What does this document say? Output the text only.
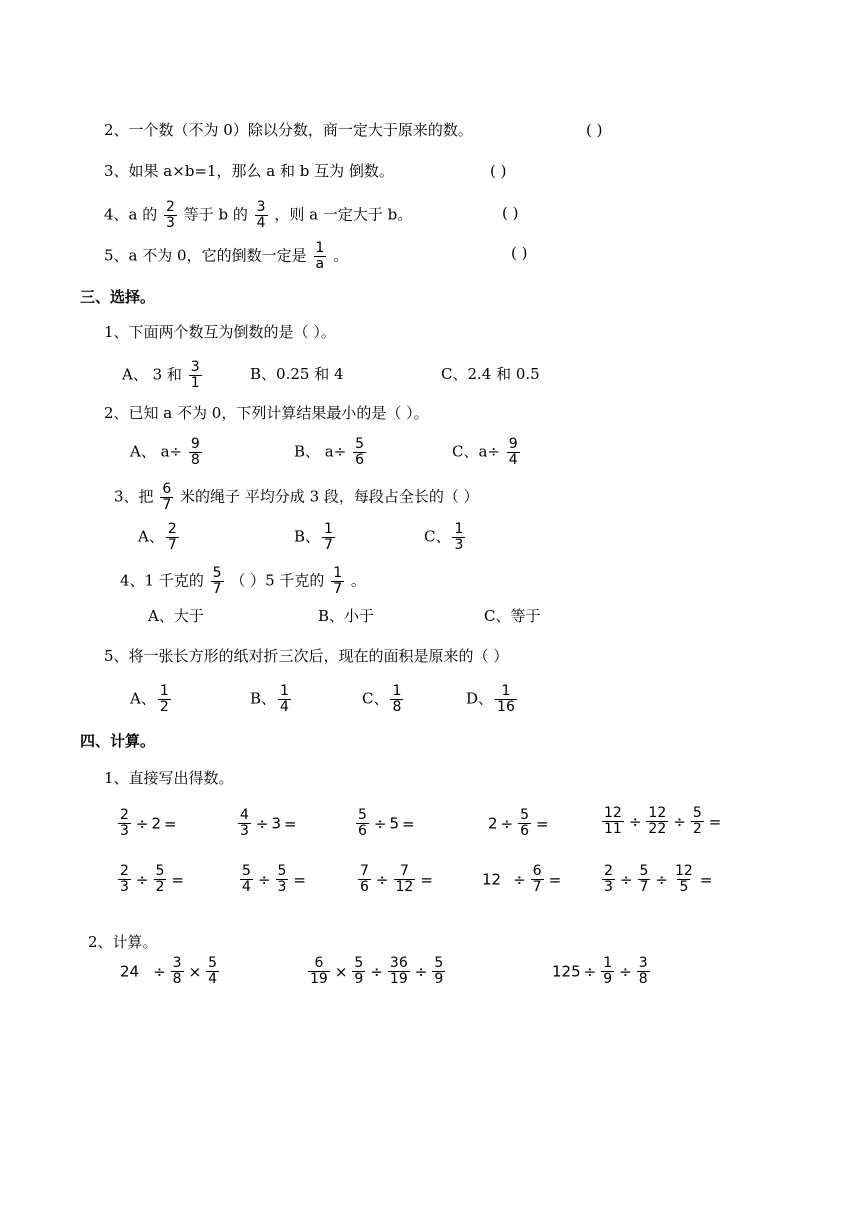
2、一个数（不为 0）除以分数，商一定大于原来的数。	( )
3、如果 a×b=1，那么 a 和 b 互为 倒数。	( )
4、a 的 $\frac{2}{3}$ 等于 b 的 $\frac{3}{4}$ ，则 a 一定大于 b。	( )
5、a 不为 0，它的倒数一定是 $\frac{1}{a}$ 。	( )
三、选择。
1、下面两个数互为倒数的是（ ）。
A、 3 和 $\frac{3}{1}$	B、0.25 和 4	C、2.4 和 0.5
2、已知 a 不为 0，下列计算结果最小的是（ ）。
A、 $a\div \frac{9}{8}$	B、 $a\div \frac{5}{6}$	C、$a\div \frac{9}{4}$
3、把 $\frac{6}{7}$ 米的绳子 平均分成 3 段，每段占全长的（ ）
A、 $\frac{2}{7}$	B、 $\frac{1}{7}$	C、 $\frac{1}{3}$
4、1 千克的 $\frac{5}{7}$ （ ）5 千克的 $\frac{1}{7}$ 。
A、大于	B、小于	C、等于
5、将一张长方形的纸对折三次后，现在的面积是原来的（ ）
A、 $\frac{1}{2}$	B、 $\frac{1}{4}$	C、 $\frac{1}{8}$	D、 $\frac{1}{16}$
四、计算。
1、直接写出得数。
$\frac{2}{3} \div 2$ =	$\frac{4}{3} \div 3$ =	$\frac{5}{6} \div 5$ =	$2 \div \frac{5}{6}$ =	$\frac{12}{11} \div \frac{12}{22} \div \frac{5}{2}$ =
$\frac{2}{3} \div \frac{5}{2}$ =	$\frac{5}{4} \div \frac{5}{3}$ =	$\frac{7}{6} \div \frac{7}{12}$ =	$12 \div \frac{6}{7}$ =	$\frac{2}{3} \div \frac{5}{7} \div \frac{12}{5}$ =
2、计算。
$24 \div \frac{3}{8} \times \frac{5}{4}$	$\frac{6}{19} \times \frac{5}{9} \div \frac{36}{19} \div \frac{5}{9}$	$125 \div \frac{1}{9} \div \frac{3}{8}$
